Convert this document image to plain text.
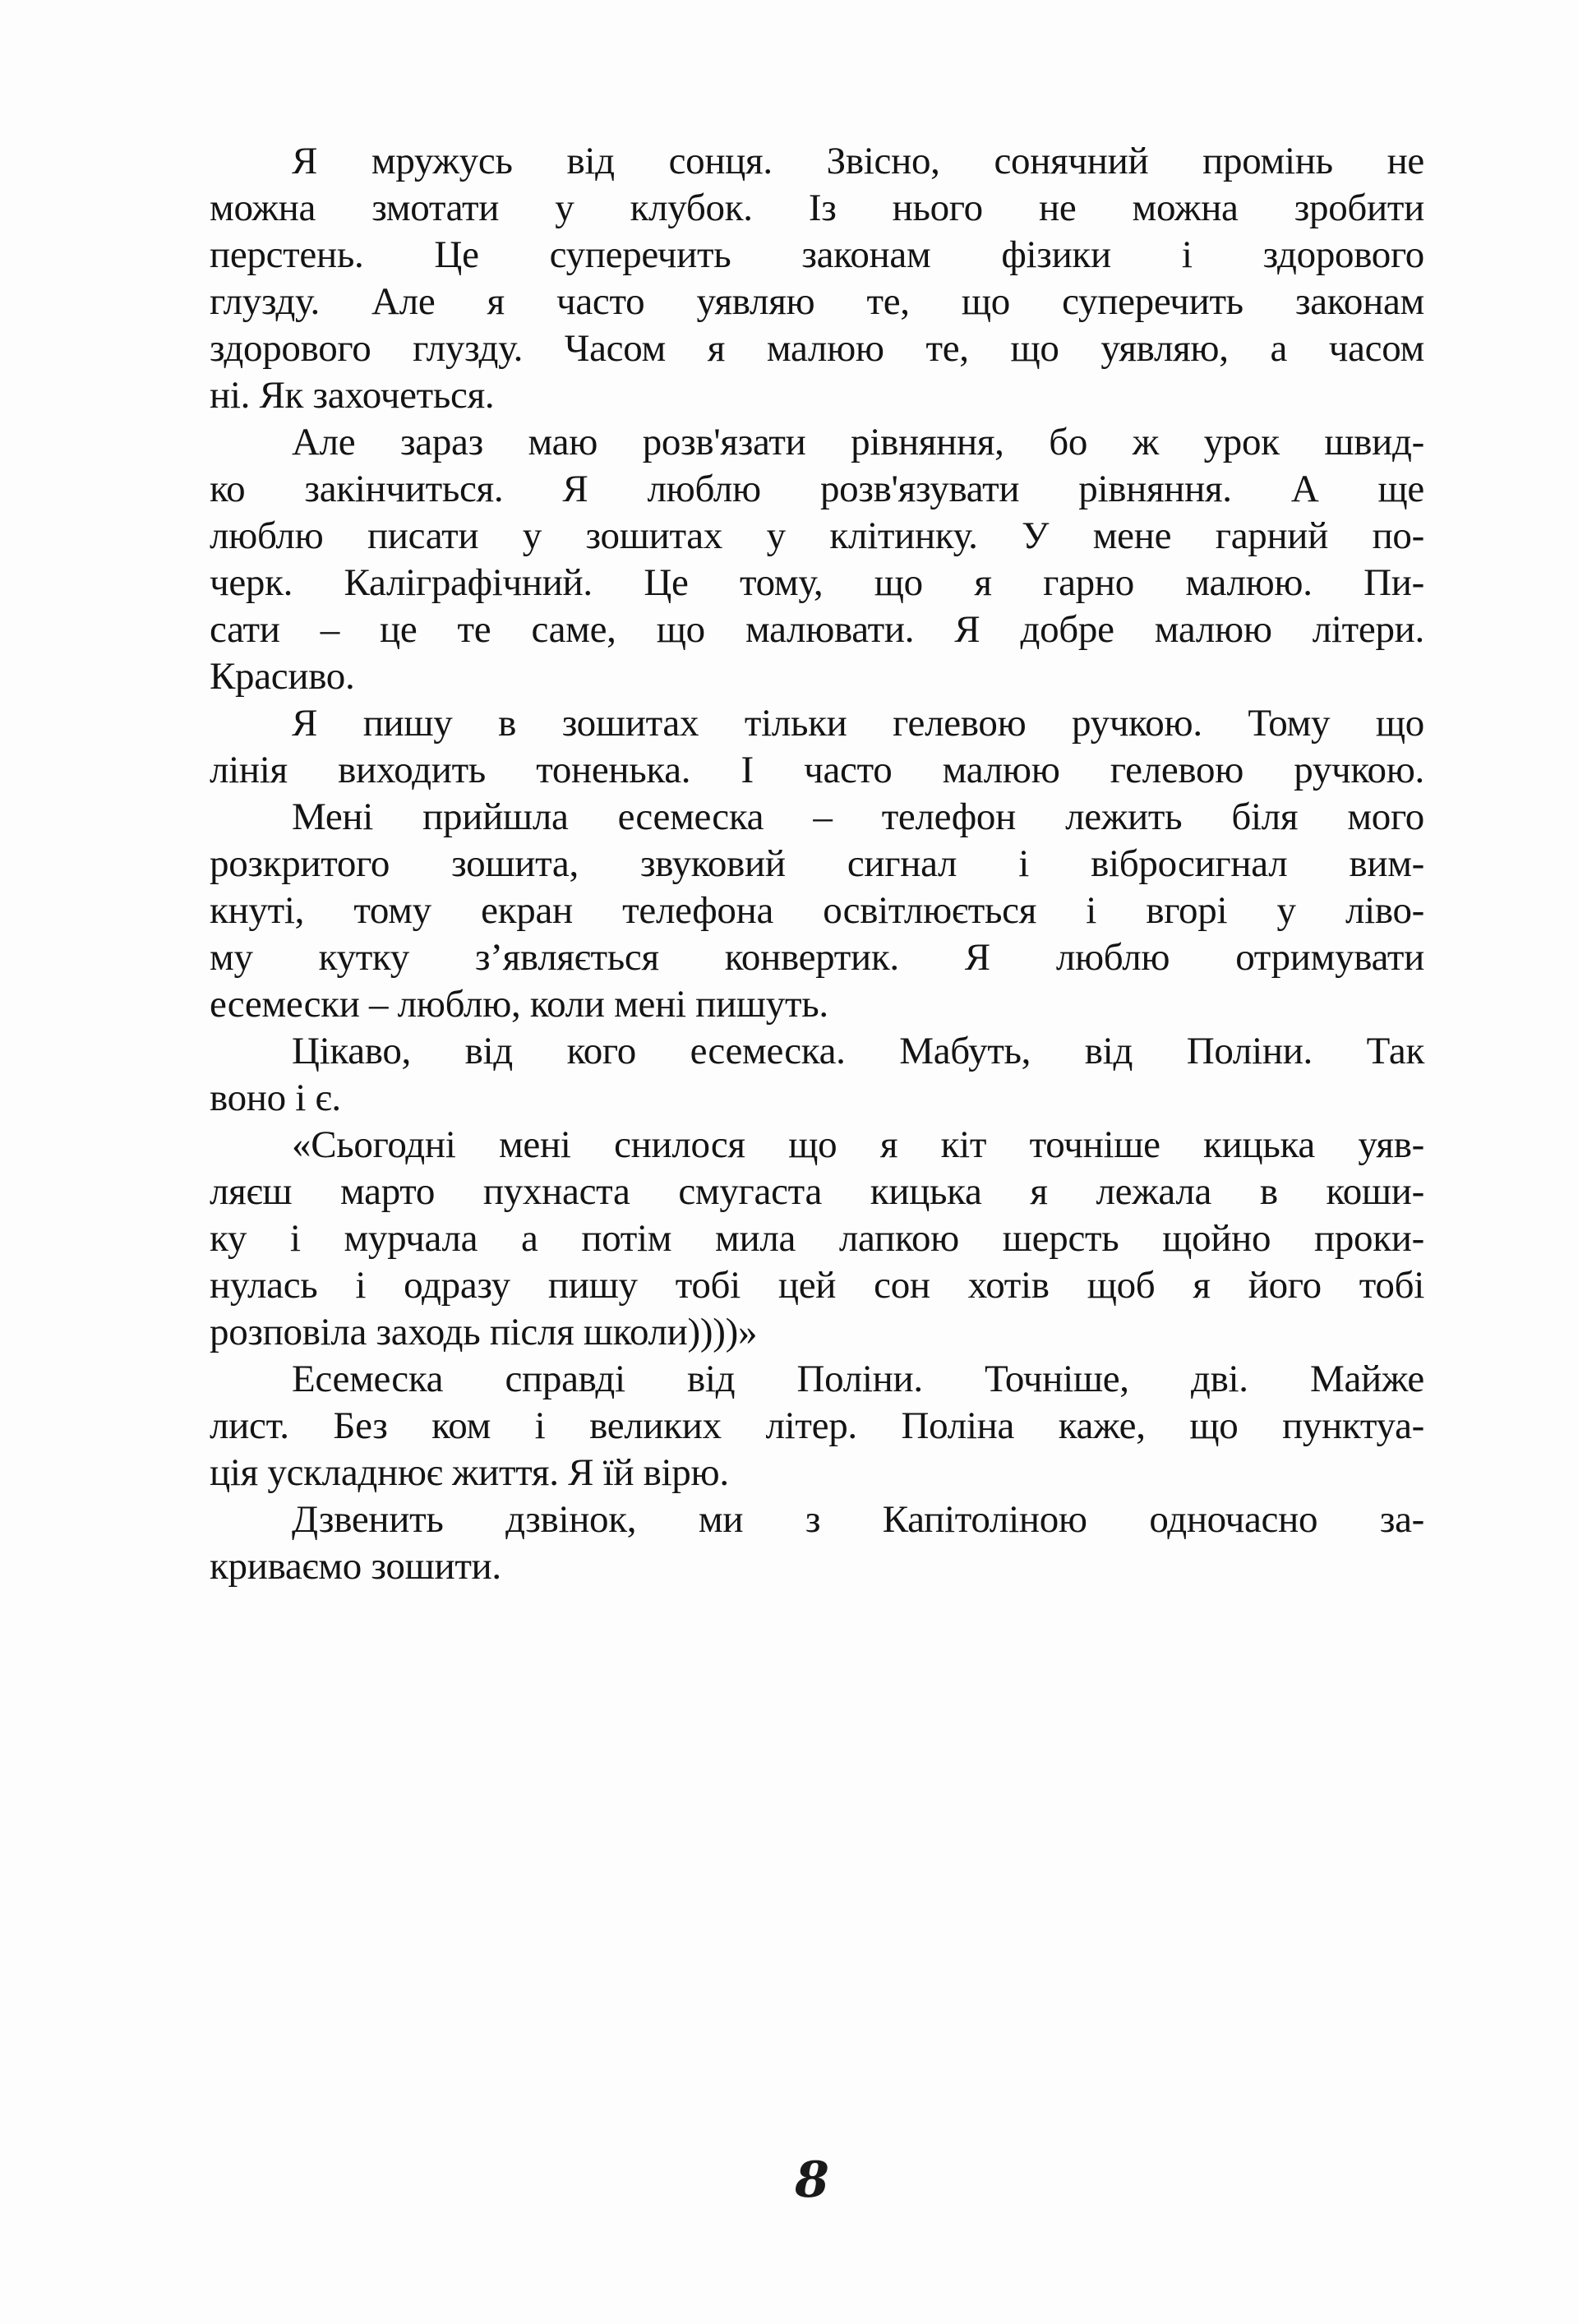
Я мружусь від сонця. Звісно, сонячний промінь не
можна змотати у клубок. Із нього не можна зробити
перстень. Це суперечить законам фізики і здорового
глузду. Але я часто уявляю те, що суперечить законам
здорового глузду. Часом я малюю те, що уявляю, а часом
ні. Як захочеться.
Але зараз маю розв'язати рівняння, бо ж урок швид-
ко закінчиться. Я люблю розв'язувати рівняння. А ще
люблю писати у зошитах у клітинку. У мене гарний по-
черк. Каліграфічний. Це тому, що я гарно малюю. Пи-
сати – це те саме, що малювати. Я добре малюю літери.
Красиво.
Я пишу в зошитах тільки гелевою ручкою. Тому що
лінія виходить тоненька. І часто малюю гелевою ручкою.
Мені прийшла есемеска – телефон лежить біля мого
розкритого зошита, звуковий сигнал і вібросигнал вим-
кнуті, тому екран телефона освітлюється і вгорі у ліво-
му кутку з’являється конвертик. Я люблю отримувати
есемески – люблю, коли мені пишуть.
Цікаво, від кого есемеска. Мабуть, від Поліни. Так
воно і є.
«Сьогодні мені снилося що я кіт точніше кицька уяв-
ляєш марто пухнаста смугаста кицька я лежала в коши-
ку і мурчала а потім мила лапкою шерсть щойно проки-
нулась і одразу пишу тобі цей сон хотів щоб я його тобі
розповіла заходь після школи))))»
Есемеска справді від Поліни. Точніше, дві. Майже
лист. Без ком і великих літер. Поліна каже, що пунктуа-
ція ускладнює життя. Я їй вірю.
Дзвенить дзвінок, ми з Капітоліною одночасно за-
криваємо зошити.
8
